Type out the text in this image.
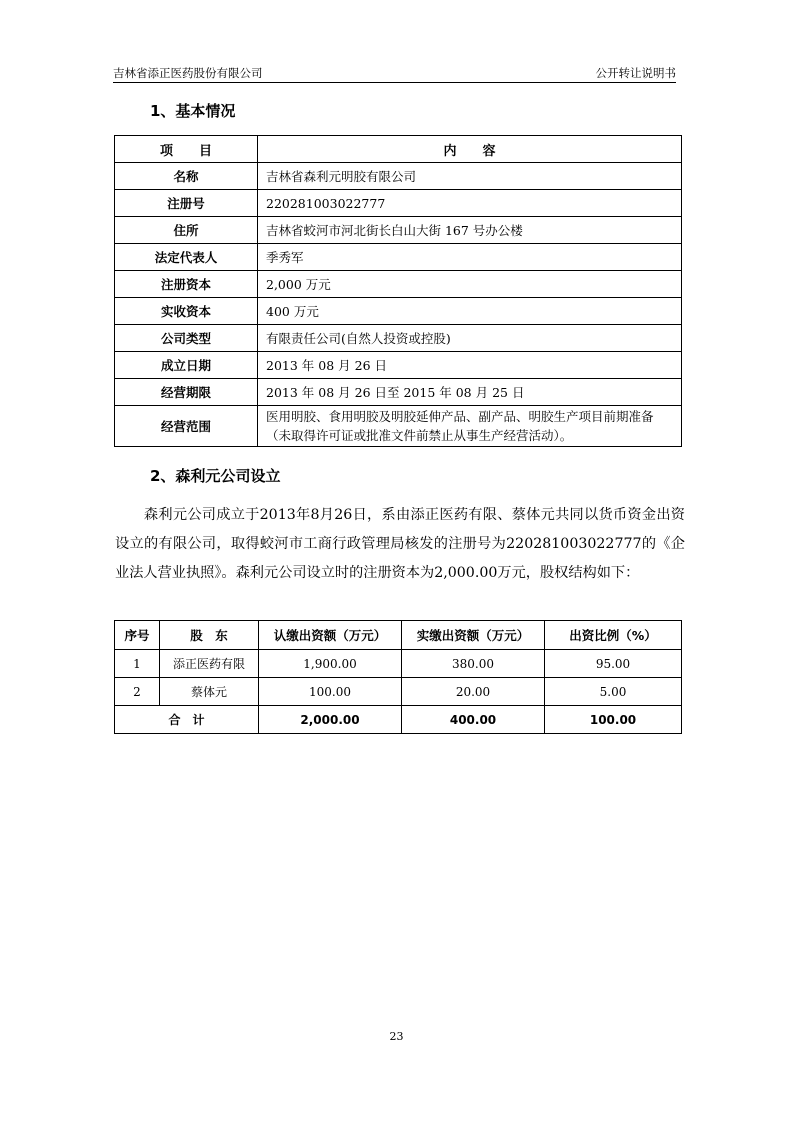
吉林省添正医药股份有限公司	公开转让说明书
1、基本情况
项　　目	内　　容
名称	吉林省森利元明胶有限公司
注册号	220281003022777
住所	吉林省蛟河市河北街长白山大街 167 号办公楼
法定代表人	季秀军
注册资本	2,000 万元
实收资本	400 万元
公司类型	有限责任公司(自然人投资或控股)
成立日期	2013 年 08 月 26 日
经营期限	2013 年 08 月 26 日至 2015 年 08 月 25 日
经营范围	医用明胶、食用明胶及明胶延伸产品、副产品、明胶生产项目前期准备（未取得许可证或批准文件前禁止从事生产经营活动）。
2、森利元公司设立
　　森利元公司成立于2013年8月26日，系由添正医药有限、蔡体元共同以货币资金出资设立的有限公司，取得蛟河市工商行政管理局核发的注册号为220281003022777的《企业法人营业执照》。森利元公司设立时的注册资本为2,000.00万元，股权结构如下：
序号	股　东	认缴出资额（万元）	实缴出资额（万元）	出资比例（%）
1	添正医药有限	1,900.00	380.00	95.00
2	蔡体元	100.00	20.00	5.00
合　计		2,000.00	400.00	100.00
23
